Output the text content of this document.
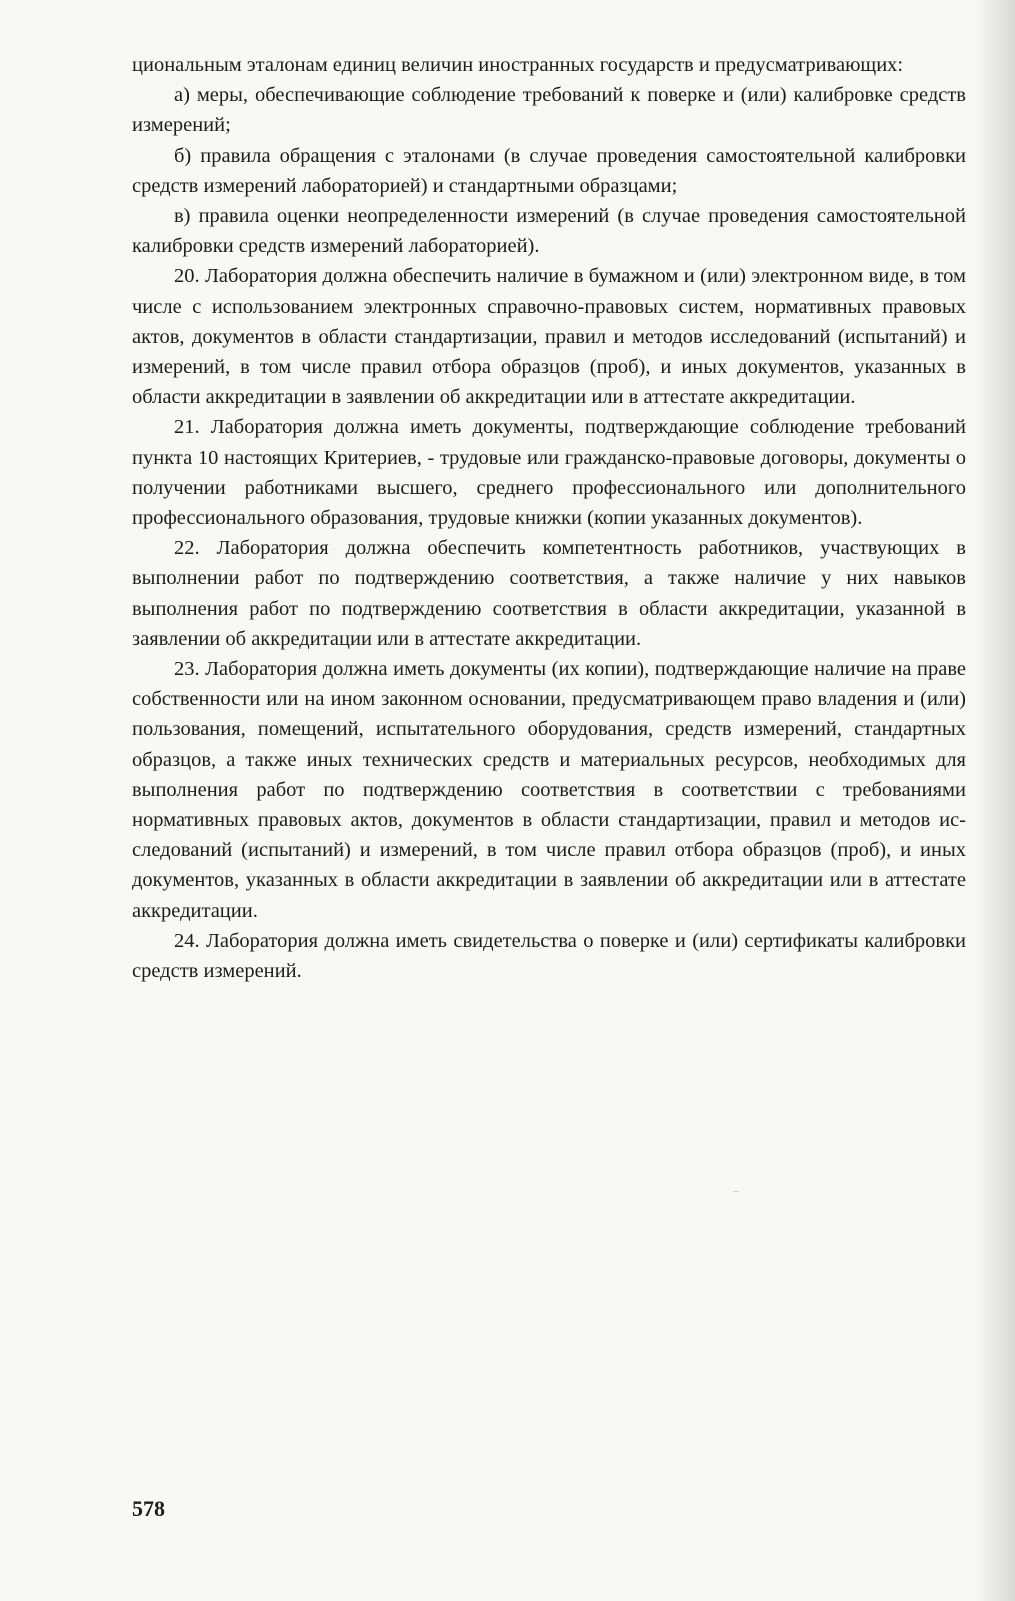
циональным эталонам единиц величин иностранных государств и предусматривающих:

а) меры, обеспечивающие соблюдение требований к поверке и (или) калибровке средств измерений;

б) правила обращения с эталонами (в случае проведения самостоятельной калибровки средств измерений лабораторией) и стандартными образцами;

в) правила оценки неопределенности измерений (в случае проведения самостоятельной калибровки средств измерений лабораторией).

20. Лаборатория должна обеспечить наличие в бумажном и (или) электронном виде, в том числе с использованием электронных справочно-правовых систем, нормативных правовых актов, документов в области стандартизации, правил и методов исследований (испытаний) и измерений, в том числе правил отбора образцов (проб), и иных документов, указанных в области аккредитации в заявлении об аккредитации или в аттестате аккредитации.

21. Лаборатория должна иметь документы, подтверждающие соблюдение требований пункта 10 настоящих Критериев, - трудовые или гражданско-правовые договоры, документы о получении работниками высшего, среднего профессионального или дополнительного профессионального образования, трудовые книжки (копии указанных документов).

22. Лаборатория должна обеспечить компетентность работников, участвующих в выполнении работ по подтверждению соответствия, а также наличие у них навыков выполнения работ по подтверждению соответствия в области аккредитации, указанной в заявлении об аккредитации или в аттестате аккредитации.

23. Лаборатория должна иметь документы (их копии), подтверждающие наличие на праве собственности или на ином законном основании, предусматривающем право владения и (или) пользования, помещений, испытательного оборудования, средств измерений, стандартных образцов, а также иных технических средств и материальных ресурсов, необходимых для выполнения работ по подтверждению соответствия в соответствии с требованиями нормативных правовых актов, документов в области стандартизации, правил и методов исследований (испытаний) и измерений, в том числе правил отбора образцов (проб), и иных документов, указанных в области аккредитации в заявлении об аккредитации или в аттестате аккредитации.

24. Лаборатория должна иметь свидетельства о поверке и (или) сертификаты калибровки средств измерений.

578
